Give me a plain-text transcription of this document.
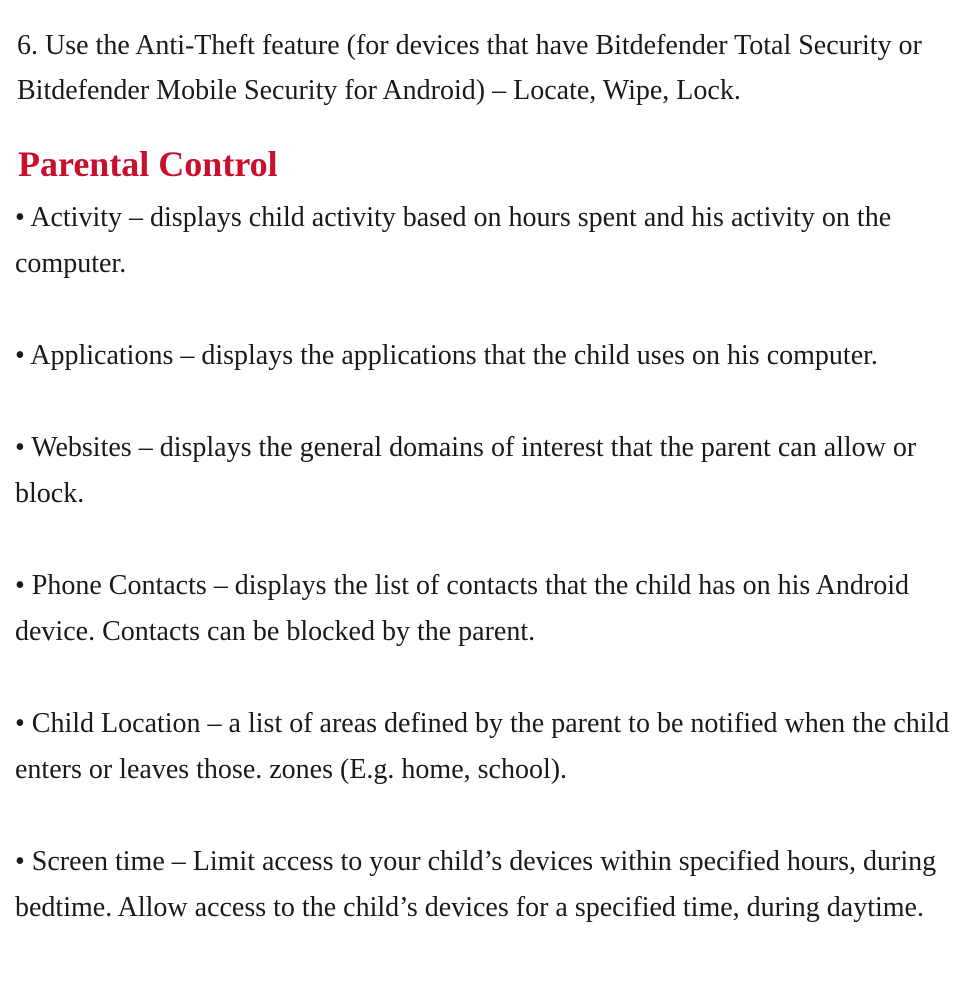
6. Use the Anti-Theft feature (for devices that have Bitdefender Total Security or Bitdefender Mobile Security for Android) – Locate, Wipe, Lock.

Parental Control
• Activity – displays child activity based on hours spent and his activity on the computer.
• Applications – displays the applications that the child uses on his computer.
• Websites – displays the general domains of interest that the parent can allow or block.
• Phone Contacts – displays the list of contacts that the child has on his Android device. Contacts can be blocked by the parent.
• Child Location – a list of areas defined by the parent to be notified when the child enters or leaves those. zones (E.g. home, school).
• Screen time – Limit access to your child’s devices within specified hours, during bedtime. Allow access to the child’s devices for a specified time, during daytime.
